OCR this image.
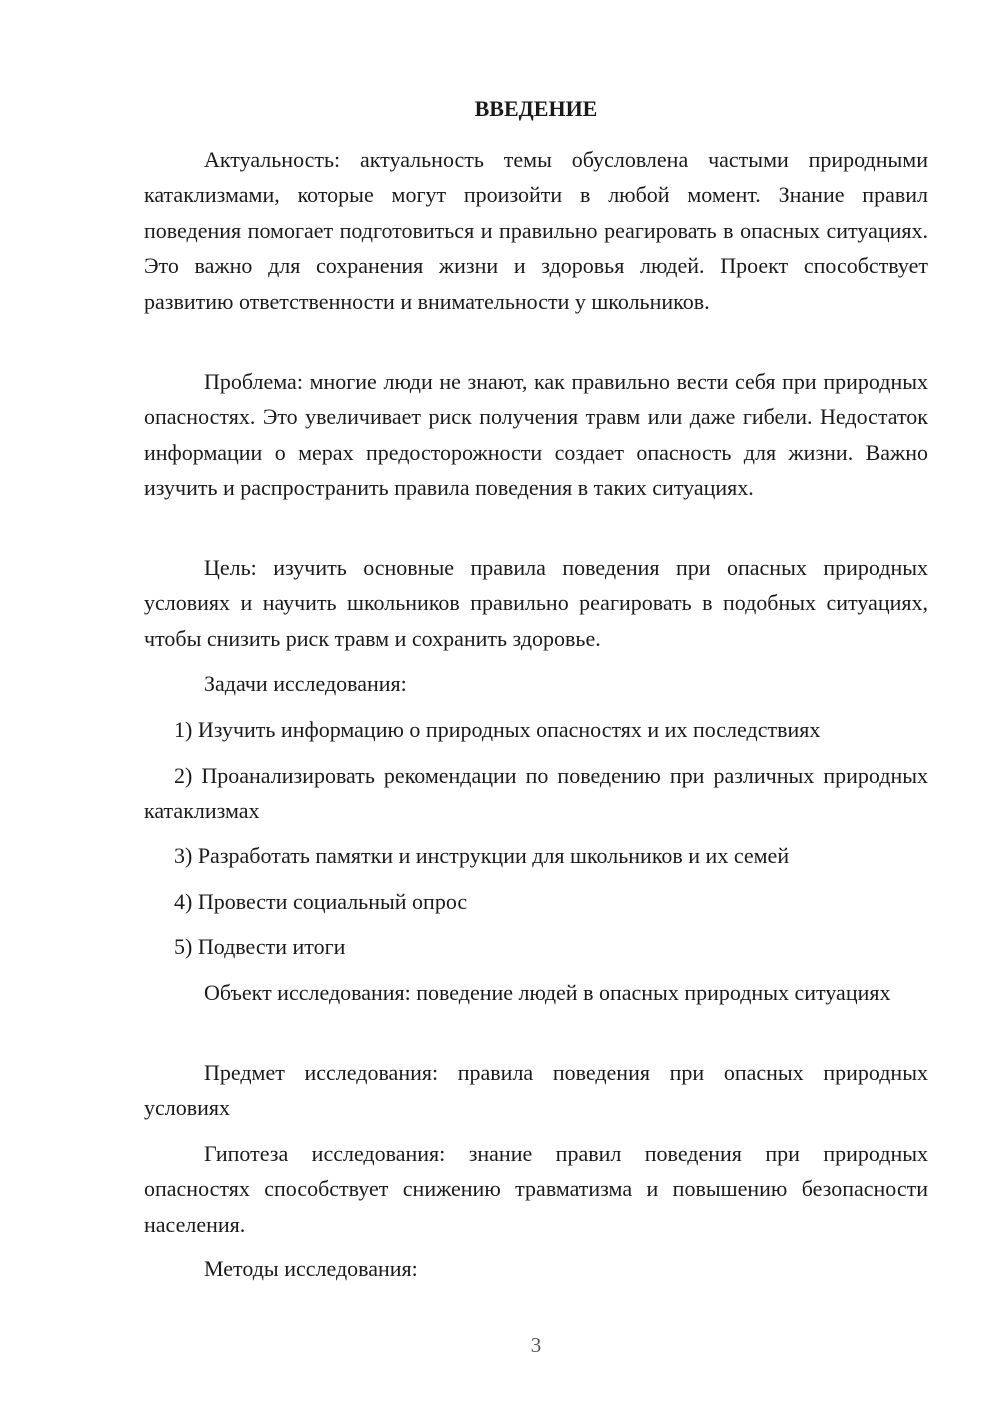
ВВЕДЕНИЕ

Актуальность: актуальность темы обусловлена частыми природными катаклизмами, которые могут произойти в любой момент. Знание правил поведения помогает подготовиться и правильно реагировать в опасных ситуациях. Это важно для сохранения жизни и здоровья людей. Проект способствует развитию ответственности и внимательности у школьников.

Проблема: многие люди не знают, как правильно вести себя при природных опасностях. Это увеличивает риск получения травм или даже гибели. Недостаток информации о мерах предосторожности создает опасность для жизни. Важно изучить и распространить правила поведения в таких ситуациях.

Цель: изучить основные правила поведения при опасных природных условиях и научить школьников правильно реагировать в подобных ситуациях, чтобы снизить риск травм и сохранить здоровье.

Задачи исследования:

1) Изучить информацию о природных опасностях и их последствиях

2) Проанализировать рекомендации по поведению при различных природных катаклизмах

3) Разработать памятки и инструкции для школьников и их семей

4) Провести социальный опрос

5) Подвести итоги

Объект исследования: поведение людей в опасных природных ситуациях

Предмет исследования: правила поведения при опасных природных условиях

Гипотеза исследования: знание правил поведения при природных опасностях способствует снижению травматизма и повышению безопасности населения.

Методы исследования:

3
